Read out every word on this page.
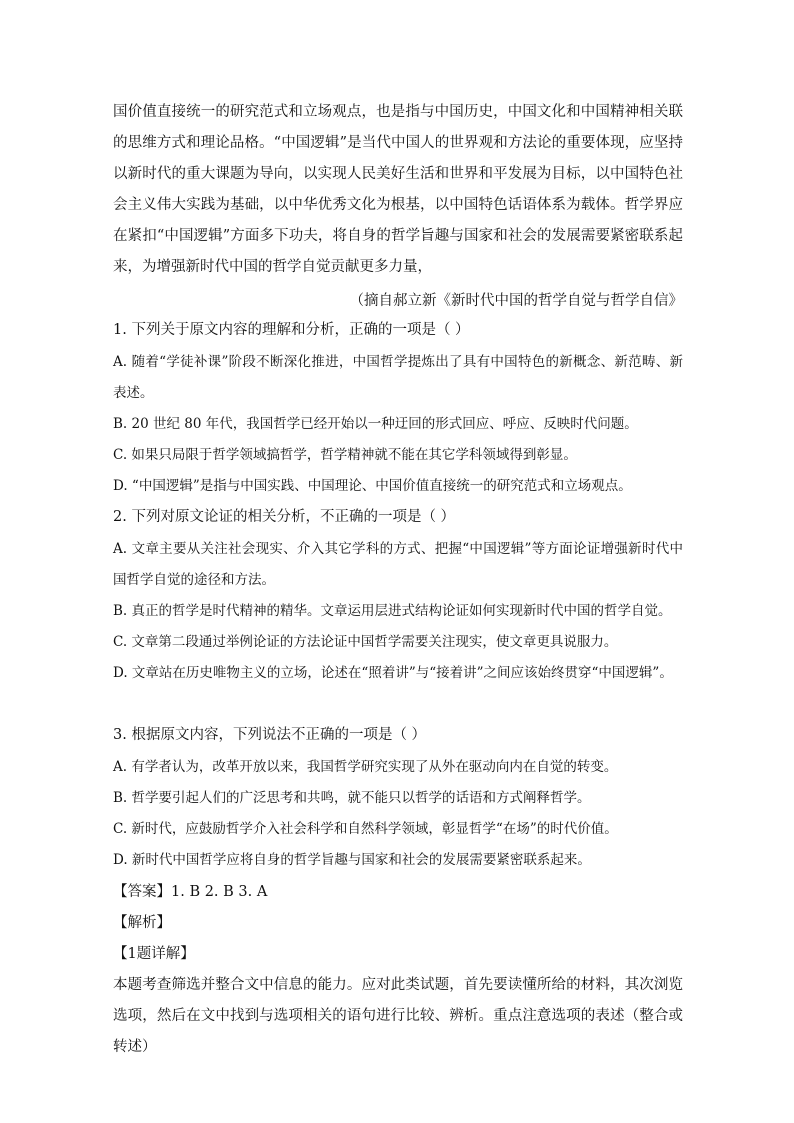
国价值直接统一的研究范式和立场观点，也是指与中国历史，中国文化和中国精神相关联的思维方式和理论品格。“中国逻辑”是当代中国人的世界观和方法论的重要体现，应坚持以新时代的重大课题为导向，以实现人民美好生活和世界和平发展为目标，以中国特色社会主义伟大实践为基础，以中华优秀文化为根基，以中国特色话语体系为载体。哲学界应在紧扣“中国逻辑”方面多下功夫，将自身的哲学旨趣与国家和社会的发展需要紧密联系起来，为增强新时代中国的哲学自觉贡献更多力量，

（摘自郝立新《新时代中国的哲学自觉与哲学自信》

1. 下列关于原文内容的理解和分析，正确的一项是（ ）

A. 随着“学徒补课”阶段不断深化推进，中国哲学提炼出了具有中国特色的新概念、新范畴、新表述。

B. 20 世纪 80 年代，我国哲学已经开始以一种迂回的形式回应、呼应、反映时代问题。

C. 如果只局限于哲学领域搞哲学，哲学精神就不能在其它学科领域得到彰显。

D. “中国逻辑”是指与中国实践、中国理论、中国价值直接统一的研究范式和立场观点。

2. 下列对原文论证的相关分析，不正确的一项是（ ）

A. 文章主要从关注社会现实、介入其它学科的方式、把握“中国逻辑”等方面论证增强新时代中国哲学自觉的途径和方法。

B. 真正的哲学是时代精神的精华。文章运用层进式结构论证如何实现新时代中国的哲学自觉。

C. 文章第二段通过举例论证的方法论证中国哲学需要关注现实，使文章更具说服力。

D. 文章站在历史唯物主义的立场，论述在“照着讲”与“接着讲”之间应该始终贯穿“中国逻辑”。

3. 根据原文内容，下列说法不正确的一项是（ ）

A. 有学者认为，改革开放以来，我国哲学研究实现了从外在驱动向内在自觉的转变。

B. 哲学要引起人们的广泛思考和共鸣，就不能只以哲学的话语和方式阐释哲学。

C. 新时代，应鼓励哲学介入社会科学和自然科学领域，彰显哲学“在场”的时代价值。

D. 新时代中国哲学应将自身的哲学旨趣与国家和社会的发展需要紧密联系起来。

【答案】1. B 2. B 3. A

【解析】

【1题详解】

本题考查筛选并整合文中信息的能力。应对此类试题，首先要读懂所给的材料，其次浏览选项，然后在文中找到与选项相关的语句进行比较、辨析。重点注意选项的表述（整合或转述）
